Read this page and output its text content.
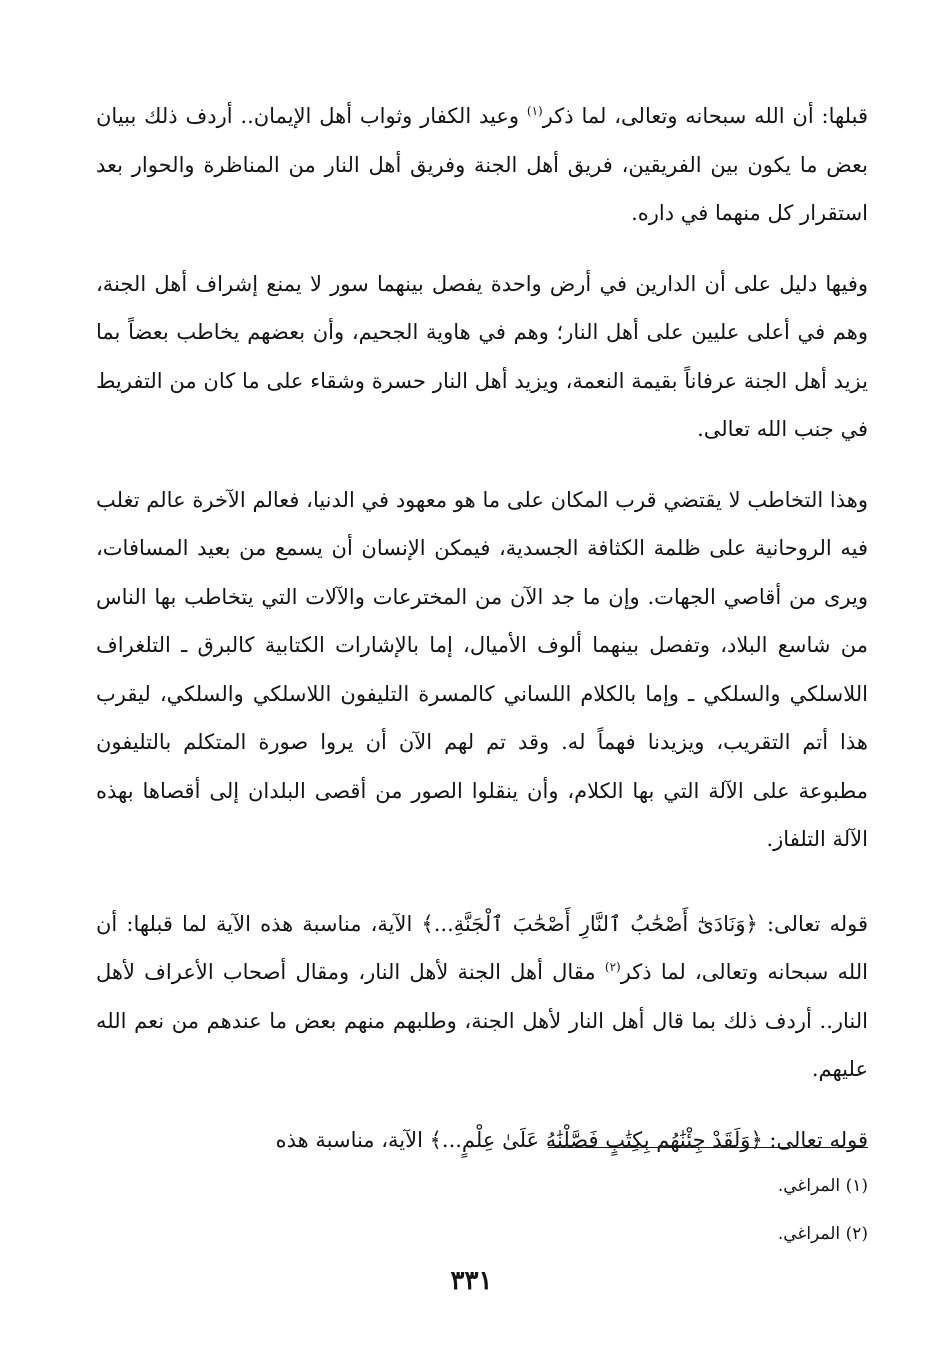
قبلها: أن الله سبحانه وتعالى، لما ذكر$^{(١)}$ وعيد الكفار وثواب أهل الإيمان.. أردف ذلك ببيان بعض ما يكون بين الفريقين، فريق أهل الجنة وفريق أهل النار من المناظرة والحوار بعد استقرار كل منهما في داره.

وفيها دليل على أن الدارين في أرض واحدة يفصل بينهما سور لا يمنع إشراف أهل الجنة، وهم في أعلى عليين على أهل النار؛ وهم في هاوية الجحيم، وأن بعضهم يخاطب بعضاً بما يزيد أهل الجنة عرفاناً بقيمة النعمة، ويزيد أهل النار حسرة وشقاء على ما كان من التفريط في جنب الله تعالى.

وهذا التخاطب لا يقتضي قرب المكان على ما هو معهود في الدنيا، فعالم الآخرة عالم تغلب فيه الروحانية على ظلمة الكثافة الجسدية، فيمكن الإنسان أن يسمع من بعيد المسافات، ويرى من أقاصي الجهات. وإن ما جد الآن من المخترعات والآلات التي يتخاطب بها الناس من شاسع البلاد، وتفصل بينهما ألوف الأميال، إما بالإشارات الكتابية كالبرق ـ التلغراف اللاسلكي والسلكي ـ وإما بالكلام اللساني كالمسرة التليفون اللاسلكي والسلكي، ليقرب هذا أتم التقريب، ويزيدنا فهماً له. وقد تم لهم الآن أن يروا صورة المتكلم بالتليفون مطبوعة على الآلة التي بها الكلام، وأن ينقلوا الصور من أقصى البلدان إلى أقصاها بهذه الآلة التلفاز.

قوله تعالى: ﴿وَنَادَىٰٓ أَصْحَٰبُ ٱلنَّارِ أَصْحَٰبَ ٱلْجَنَّةِ...﴾ الآية، مناسبة هذه الآية لما قبلها: أن الله سبحانه وتعالى، لما ذكر$^{(٢)}$ مقال أهل الجنة لأهل النار، ومقال أصحاب الأعراف لأهل النار.. أردف ذلك بما قال أهل النار لأهل الجنة، وطلبهم منهم بعض ما عندهم من نعم الله عليهم.

قوله تعالى: ﴿وَلَقَدْ جِئْنَٰهُم بِكِتَٰبٍ فَصَّلْنَٰهُ عَلَىٰ عِلْمٍ...﴾ الآية، مناسبة هذه

(١) المراغي.

(٢) المراغي.

٣٣١
